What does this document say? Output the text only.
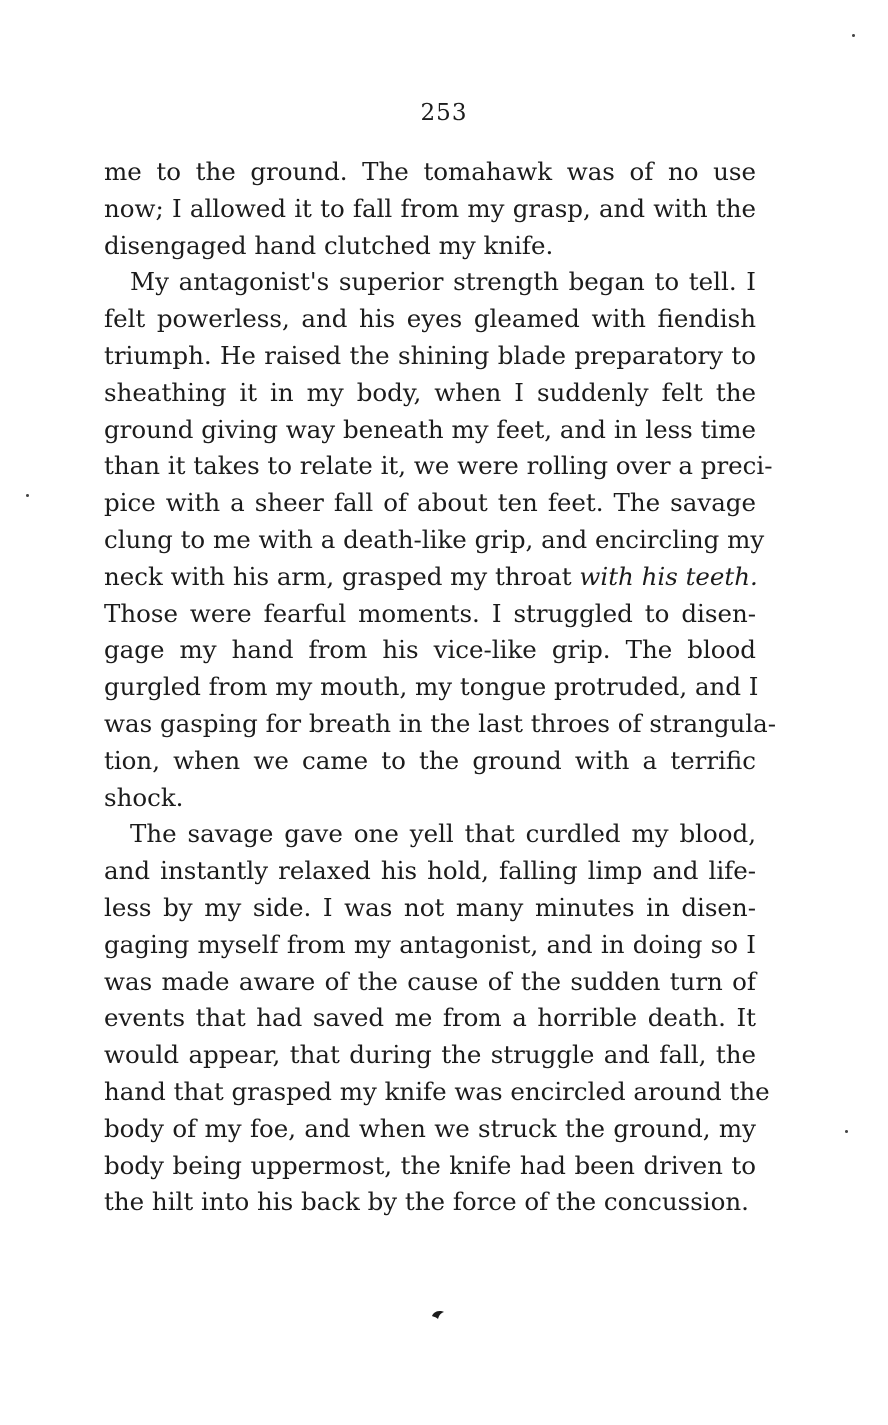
253
me to the ground. The tomahawk was of no use
now; I allowed it to fall from my grasp, and with the
disengaged hand clutched my knife.
My antagonist's superior strength began to tell. I
felt powerless, and his eyes gleamed with fiendish
triumph. He raised the shining blade preparatory to
sheathing it in my body, when I suddenly felt the
ground giving way beneath my feet, and in less time
than it takes to relate it, we were rolling over a preci-
pice with a sheer fall of about ten feet. The savage
clung to me with a death-like grip, and encircling my
neck with his arm, grasped my throat with his teeth.
Those were fearful moments. I struggled to disen-
gage my hand from his vice-like grip. The blood
gurgled from my mouth, my tongue protruded, and I
was gasping for breath in the last throes of strangula-
tion, when we came to the ground with a terrific
shock.
The savage gave one yell that curdled my blood,
and instantly relaxed his hold, falling limp and life-
less by my side. I was not many minutes in disen-
gaging myself from my antagonist, and in doing so I
was made aware of the cause of the sudden turn of
events that had saved me from a horrible death. It
would appear, that during the struggle and fall, the
hand that grasped my knife was encircled around the
body of my foe, and when we struck the ground, my
body being uppermost, the knife had been driven to
the hilt into his back by the force of the concussion.
